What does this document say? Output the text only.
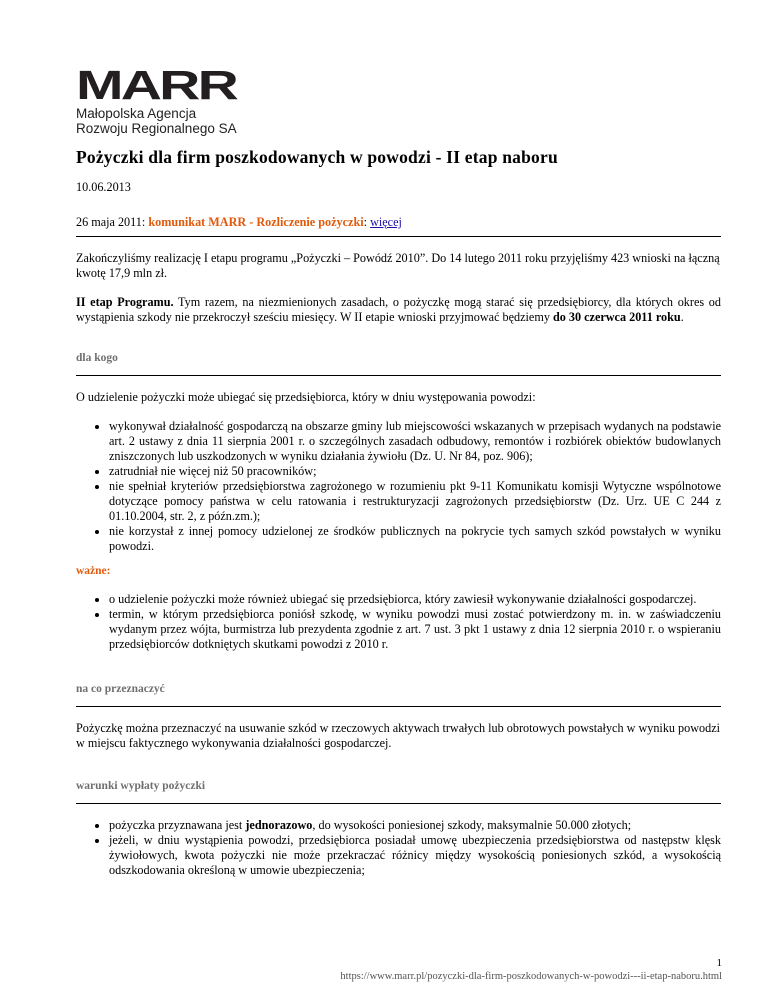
MARR
Małopolska Agencja
Rozwoju Regionalnego SA
Pożyczki dla firm poszkodowanych w powodzi - II etap naboru

10.06.2013

26 maja 2011: komunikat MARR - Rozliczenie pożyczki: więcej

Zakończyliśmy realizację I etapu programu „Pożyczki – Powódź 2010”. Do 14 lutego 2011 roku przyjęliśmy 423 wnioski na łączną kwotę 17,9 mln zł.

II etap Programu. Tym razem, na niezmienionych zasadach, o pożyczkę mogą starać się przedsiębiorcy, dla których okres od wystąpienia szkody nie przekroczył sześciu miesięcy. W II etapie wnioski przyjmować będziemy do 30 czerwca 2011 roku.

dla kogo

O udzielenie pożyczki może ubiegać się przedsiębiorca, który w dniu występowania powodzi:

• wykonywał działalność gospodarczą na obszarze gminy lub miejscowości wskazanych w przepisach wydanych na podstawie art. 2 ustawy z dnia 11 sierpnia 2001 r. o szczególnych zasadach odbudowy, remontów i rozbiórek obiektów budowlanych zniszczonych lub uszkodzonych w wyniku działania żywiołu (Dz. U. Nr 84, poz. 906);
• zatrudniał nie więcej niż 50 pracowników;
• nie spełniał kryteriów przedsiębiorstwa zagrożonego w rozumieniu pkt 9-11 Komunikatu komisji Wytyczne wspólnotowe dotyczące pomocy państwa w celu ratowania i restrukturyzacji zagrożonych przedsiębiorstw (Dz. Urz. UE C 244 z 01.10.2004, str. 2, z późn.zm.);
• nie korzystał z innej pomocy udzielonej ze środków publicznych na pokrycie tych samych szkód powstałych w wyniku powodzi.
ważne:
• o udzielenie pożyczki może również ubiegać się przedsiębiorca, który zawiesił wykonywanie działalności gospodarczej.
• termin, w którym przedsiębiorca poniósł szkodę, w wyniku powodzi musi zostać potwierdzony m. in. w zaświadczeniu wydanym przez wójta, burmistrza lub prezydenta zgodnie z art. 7 ust. 3 pkt 1 ustawy z dnia 12 sierpnia 2010 r. o wspieraniu przedsiębiorców dotkniętych skutkami powodzi z 2010 r.
na co przeznaczyć

Pożyczkę można przeznaczyć na usuwanie szkód w rzeczowych aktywach trwałych lub obrotowych powstałych w wyniku powodzi w miejscu faktycznego wykonywania działalności gospodarczej.

warunki wypłaty pożyczki
• pożyczka przyznawana jest jednorazowo, do wysokości poniesionej szkody, maksymalnie 50.000 złotych;
• jeżeli, w dniu wystąpienia powodzi, przedsiębiorca posiadał umowę ubezpieczenia przedsiębiorstwa od następstw klęsk żywiołowych, kwota pożyczki nie może przekraczać różnicy między wysokością poniesionych szkód, a wysokością odszkodowania określoną w umowie ubezpieczenia;
1
https://www.marr.pl/pozyczki-dla-firm-poszkodowanych-w-powodzi---ii-etap-naboru.html
